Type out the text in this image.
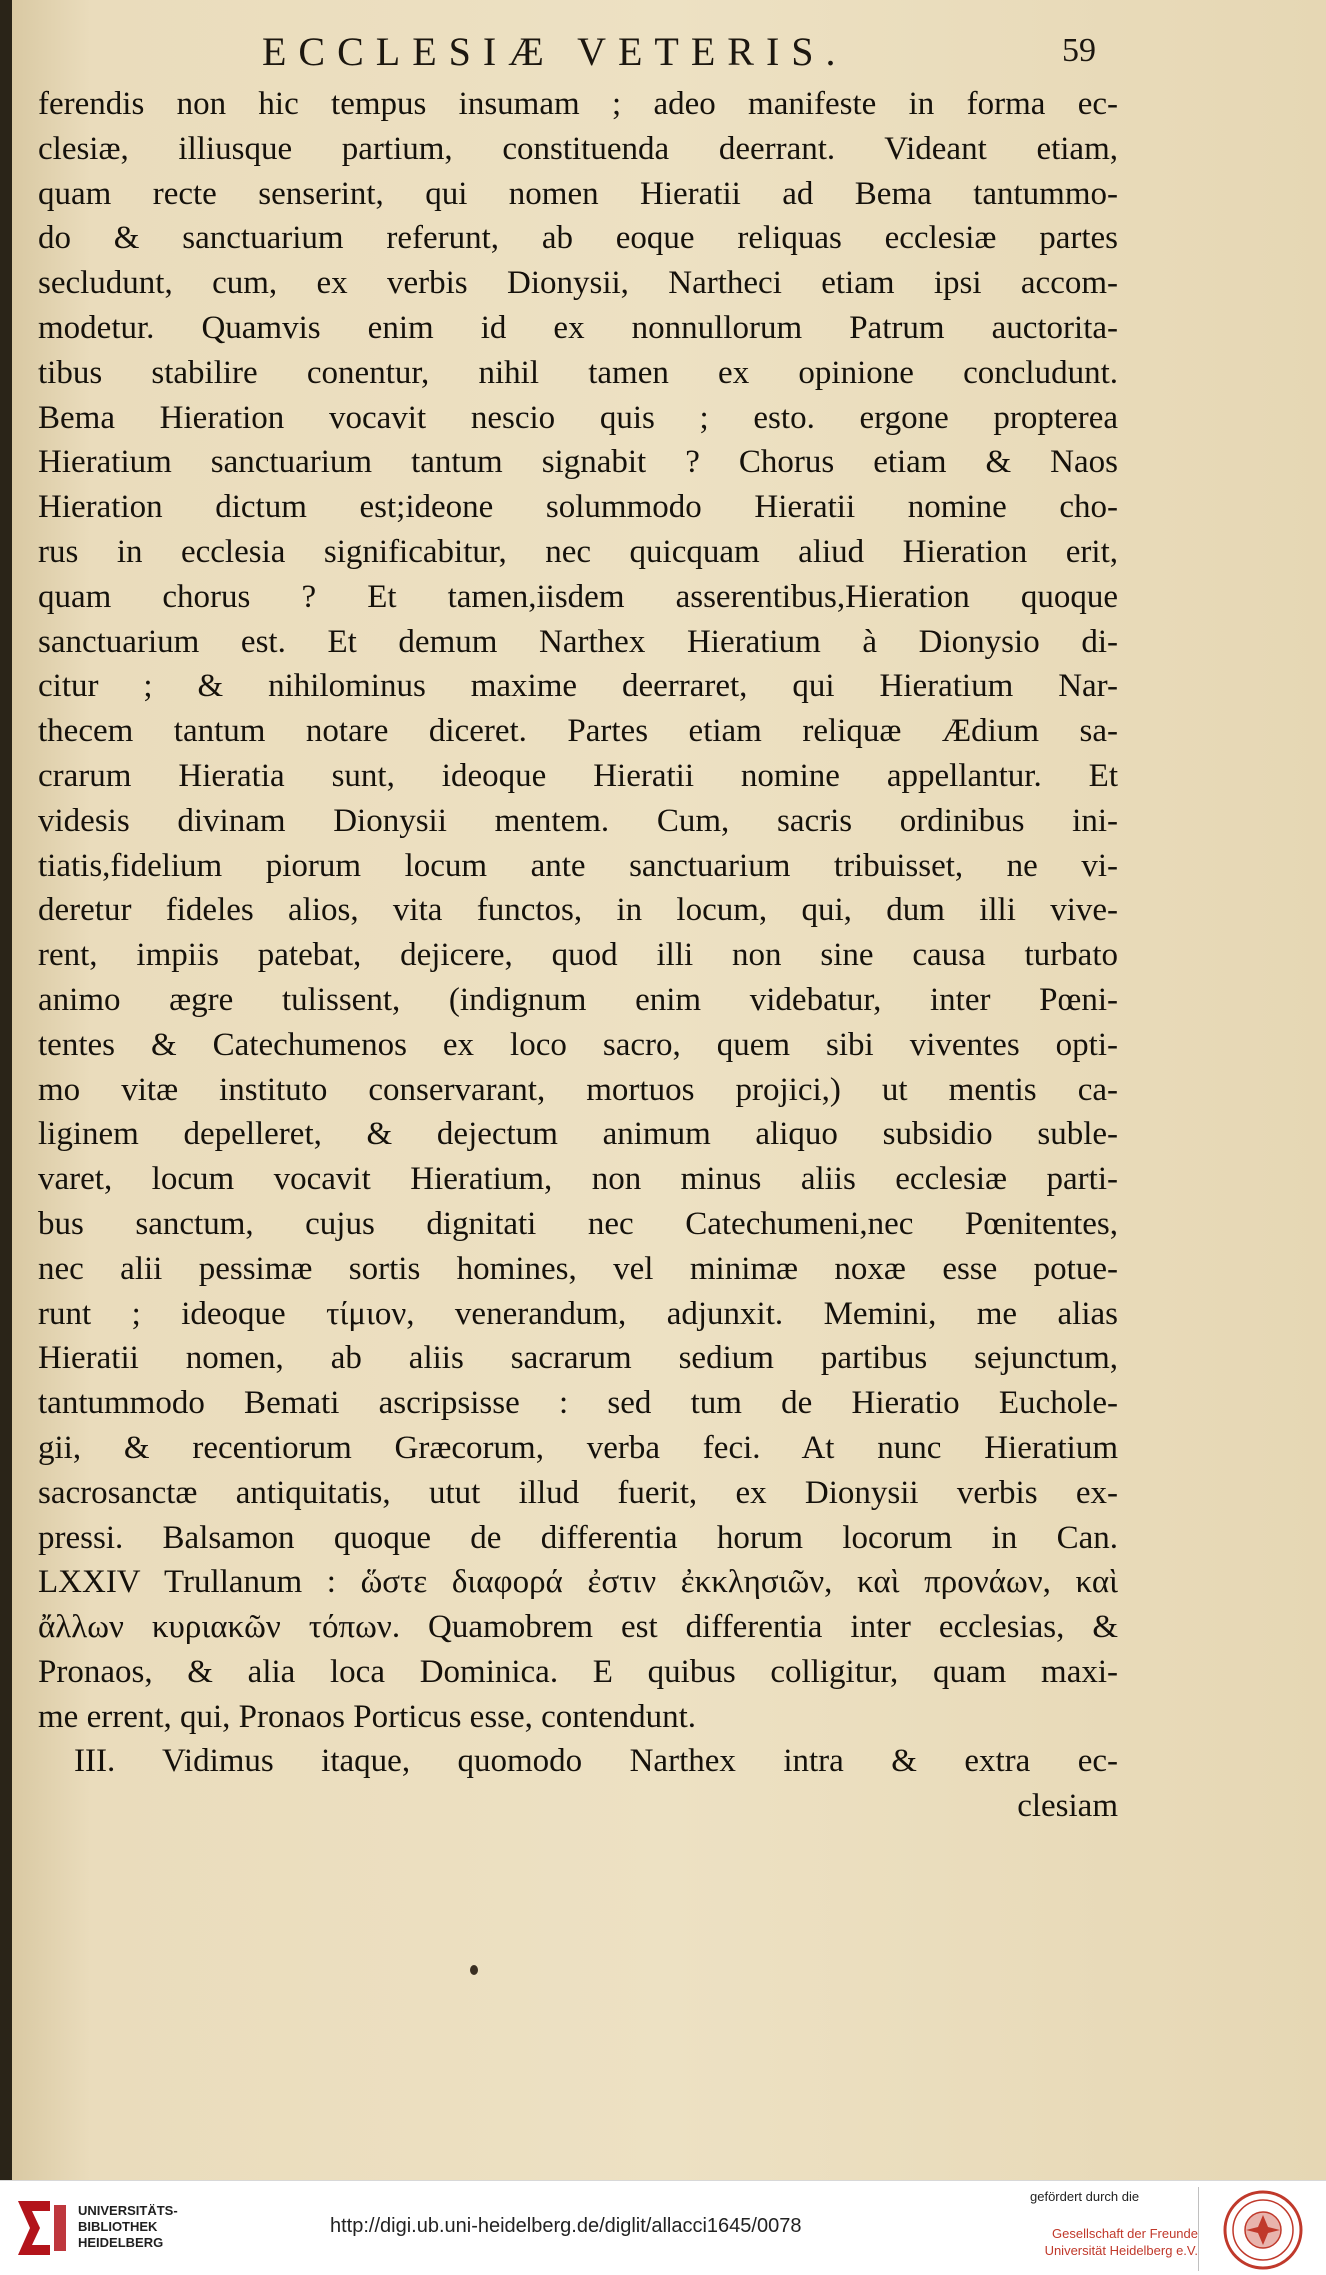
ECCLESIÆ VETERIS.	59
ferendis non hic tempus insumam ; adeo manifeste in forma ec-
clesiæ, illiusque partium, constituenda deerrant. Videant etiam,
quam recte senserint, qui nomen Hieratii ad Bema tantummo-
do & sanctuarium referunt, ab eoque reliquas ecclesiæ partes
secludunt, cum, ex verbis Dionysii, Nartheci etiam ipsi accom-
modetur. Quamvis enim id ex nonnullorum Patrum auctorita-
tibus stabilire conentur, nihil tamen ex opinione concludunt.
Bema Hieration vocavit nescio quis ; esto. ergone propterea
Hieratium sanctuarium tantum signabit ? Chorus etiam & Naos
Hieration dictum est;ideone solummodo Hieratii nomine cho-
rus in ecclesia significabitur, nec quicquam aliud Hieration erit,
quam chorus ? Et tamen,iisdem asserentibus,Hieration quoque
sanctuarium est. Et demum Narthex Hieratium à Dionysio di-
citur ; & nihilominus maxime deerraret, qui Hieratium Nar-
thecem tantum notare diceret. Partes etiam reliquæ Ædium sa-
crarum Hieratia sunt, ideoque Hieratii nomine appellantur. Et
videsis divinam Dionysii mentem. Cum, sacris ordinibus ini-
tiatis,fidelium piorum locum ante sanctuarium tribuisset, ne vi-
deretur fideles alios, vita functos, in locum, qui, dum illi vive-
rent, impiis patebat, dejicere, quod illi non sine causa turbato
animo ægre tulissent, (indignum enim videbatur, inter Pœni-
tentes & Catechumenos ex loco sacro, quem sibi viventes opti-
mo vitæ instituto conservarant, mortuos projici,) ut mentis ca-
liginem depelleret, & dejectum animum aliquo subsidio suble-
varet, locum vocavit Hieratium, non minus aliis ecclesiæ parti-
bus sanctum, cujus dignitati nec Catechumeni,nec Pœnitentes,
nec alii pessimæ sortis homines, vel minimæ noxæ esse potue-
runt ; ideoque τίμιον, venerandum, adjunxit. Memini, me alias
Hieratii nomen, ab aliis sacrarum sedium partibus sejunctum,
tantummodo Bemati ascripsisse : sed tum de Hieratio Euchole-
gii, & recentiorum Græcorum, verba feci. At nunc Hieratium
sacrosanctæ antiquitatis, utut illud fuerit, ex Dionysii verbis ex-
pressi. Balsamon quoque de differentia horum locorum in Can.
LXXIV Trullanum : ὥστε διαφορά ἐστιν ἐκκλησιῶν, καὶ προνάων, καὶ
ἄλλων κυριακῶν τόπων. Quamobrem est differentia inter ecclesias, &
Pronaos, & alia loca Dominica. E quibus colligitur, quam maxi-
me errent, qui, Pronaos Porticus esse, contendunt.
III. Vidimus itaque, quomodo Narthex intra & extra ec-
clesiam
UNIVERSITÄTS- BIBLIOTHEK HEIDELBERG
http://digi.ub.uni-heidelberg.de/diglit/allacci1645/0078
gefördert durch die
Gesellschaft der Freunde Universität Heidelberg e.V.
